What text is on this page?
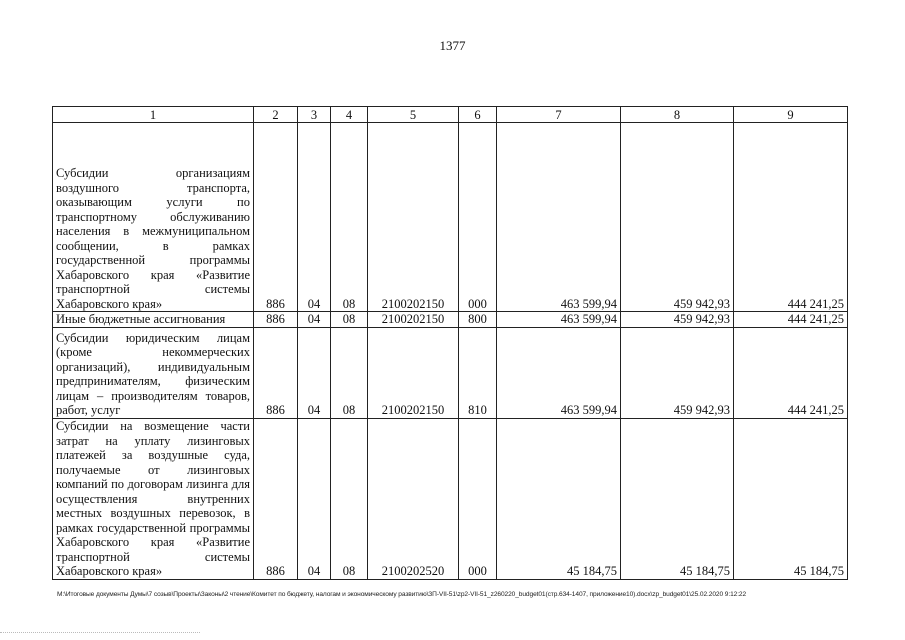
1377
1	2	3	4	5	6	7	8	9

Субсидии организациям воздушного транспорта, оказывающим услуги по транспортному обслуживанию населения в межмуниципальном сообщении, в рамках государственной программы Хабаровского края «Развитие транспортной системы Хабаровского края»	886	04	08	2100202150	000	463 599,94	459 942,93	444 241,25

Иные бюджетные ассигнования	886	04	08	2100202150	800	463 599,94	459 942,93	444 241,25

Субсидии юридическим лицам (кроме некоммерческих организаций), индивидуальным предпринимателям, физическим лицам – производителям товаров, работ, услуг	886	04	08	2100202150	810	463 599,94	459 942,93	444 241,25

Субсидии на возмещение части затрат на уплату лизинговых платежей за воздушные суда, получаемые от лизинговых компаний по договорам лизинга для осуществления внутренних местных воздушных перевозок, в рамках государственной программы Хабаровского края «Развитие транспортной системы Хабаровского края»	886	04	08	2100202520	000	45 184,75	45 184,75	45 184,75
M:\Итоговые документы Думы\7 созыв\Проекты\Законы\2 чтение\Комитет по бюджету, налогам и экономическому развитию\ЗП-VII-51\zp2-VII-51_z260220_budget01(стр.634-1407, приложение10).docx\zp_budget01\25.02.2020 9:12:22
